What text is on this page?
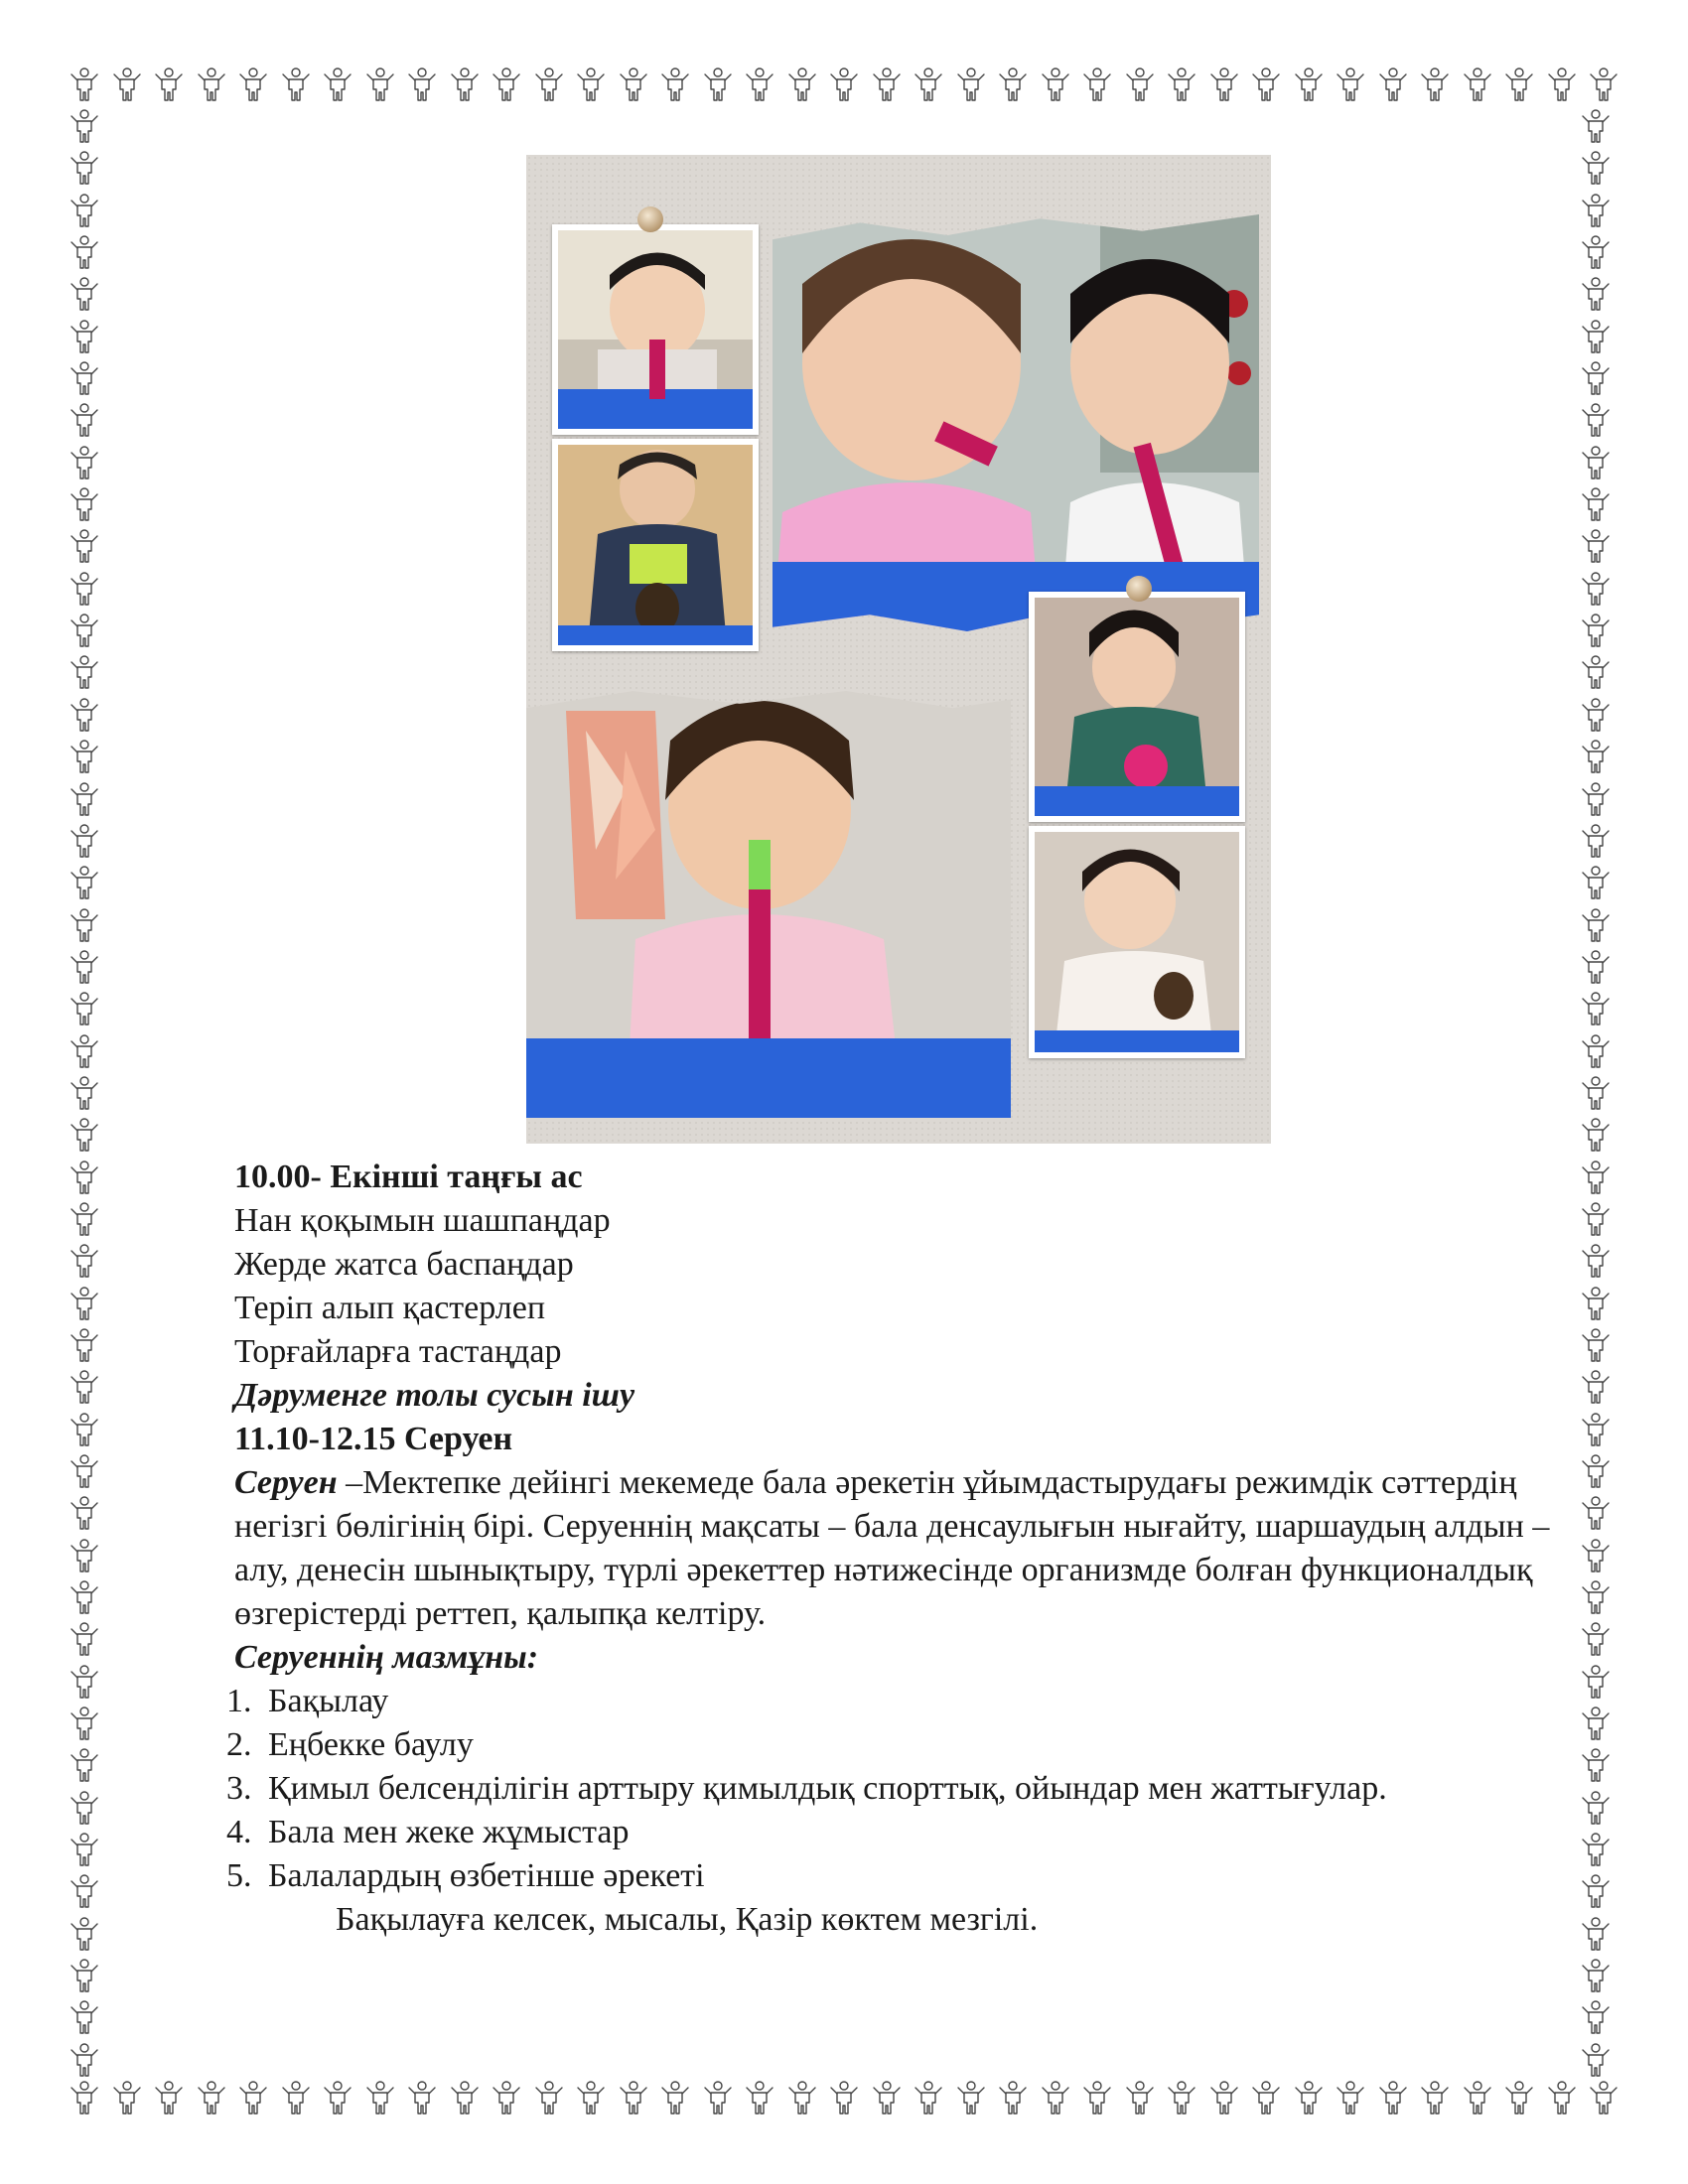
10.00- Екінші таңғы ас

Нан қоқымын шашпаңдар

Жерде жатса баспаңдар

Теріп алып қастерлеп

Торғайларға тастаңдар

Дәруменге толы сусын ішу

11.10-12.15 Серуен

Серуен –Мектепке дейінгі мекемеде бала әрекетін ұйымдастырудағы режимдік сәттердің негізгі бөлігінің бірі. Серуеннің мақсаты – бала денсаулығын нығайту, шаршаудың алдын – алу, денесін шынықтыру, түрлі әрекеттер нәтижесінде организмде болған функционалдық өзгерістерді реттеп, қалыпқа келтіру.

Серуеннің мазмұны:

1. Бақылау
2. Еңбекке баулу
3. Қимыл белсенділігін арттыру қимылдық спорттық, ойындар мен жаттығулар.
4. Бала мен жеке жұмыстар
5. Балалардың өзбетінше әрекеті

Бақылауға келсек, мысалы, Қазір көктем мезгілі.
